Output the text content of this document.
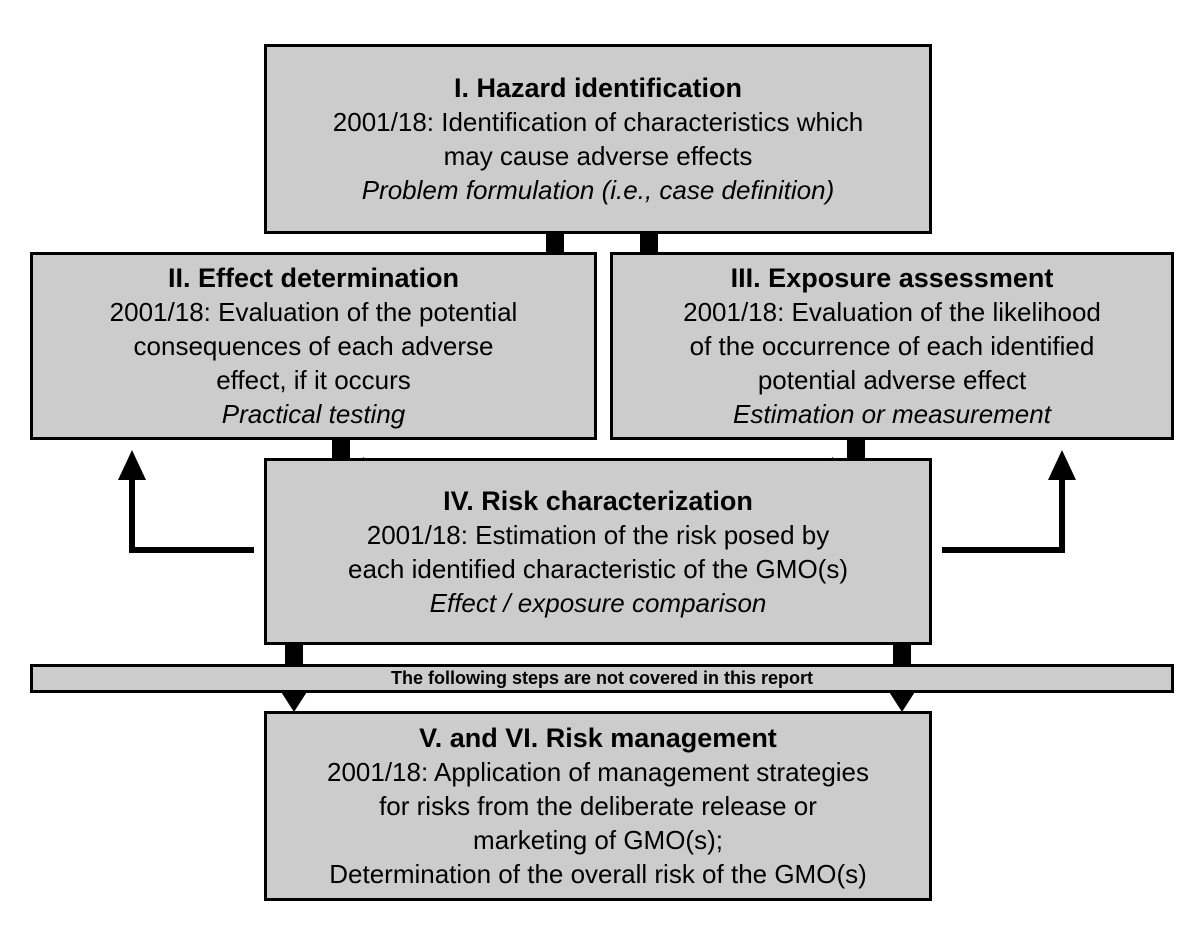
I. Hazard identification
2001/18: Identification of characteristics which
may cause adverse effects
Problem formulation (i.e., case definition)
II. Effect determination
2001/18: Evaluation of the potential
consequences of each adverse
effect, if it occurs
Practical testing
III. Exposure assessment
2001/18: Evaluation of the likelihood
of the occurrence of each identified
potential adverse effect
Estimation or measurement
IV. Risk characterization
2001/18: Estimation of the risk posed by
each identified characteristic of the GMO(s)
Effect / exposure comparison
The following steps are not covered in this report
V. and VI. Risk management
2001/18: Application of management strategies
for risks from the deliberate release or
marketing of GMO(s);
Determination of the overall risk of the GMO(s)
